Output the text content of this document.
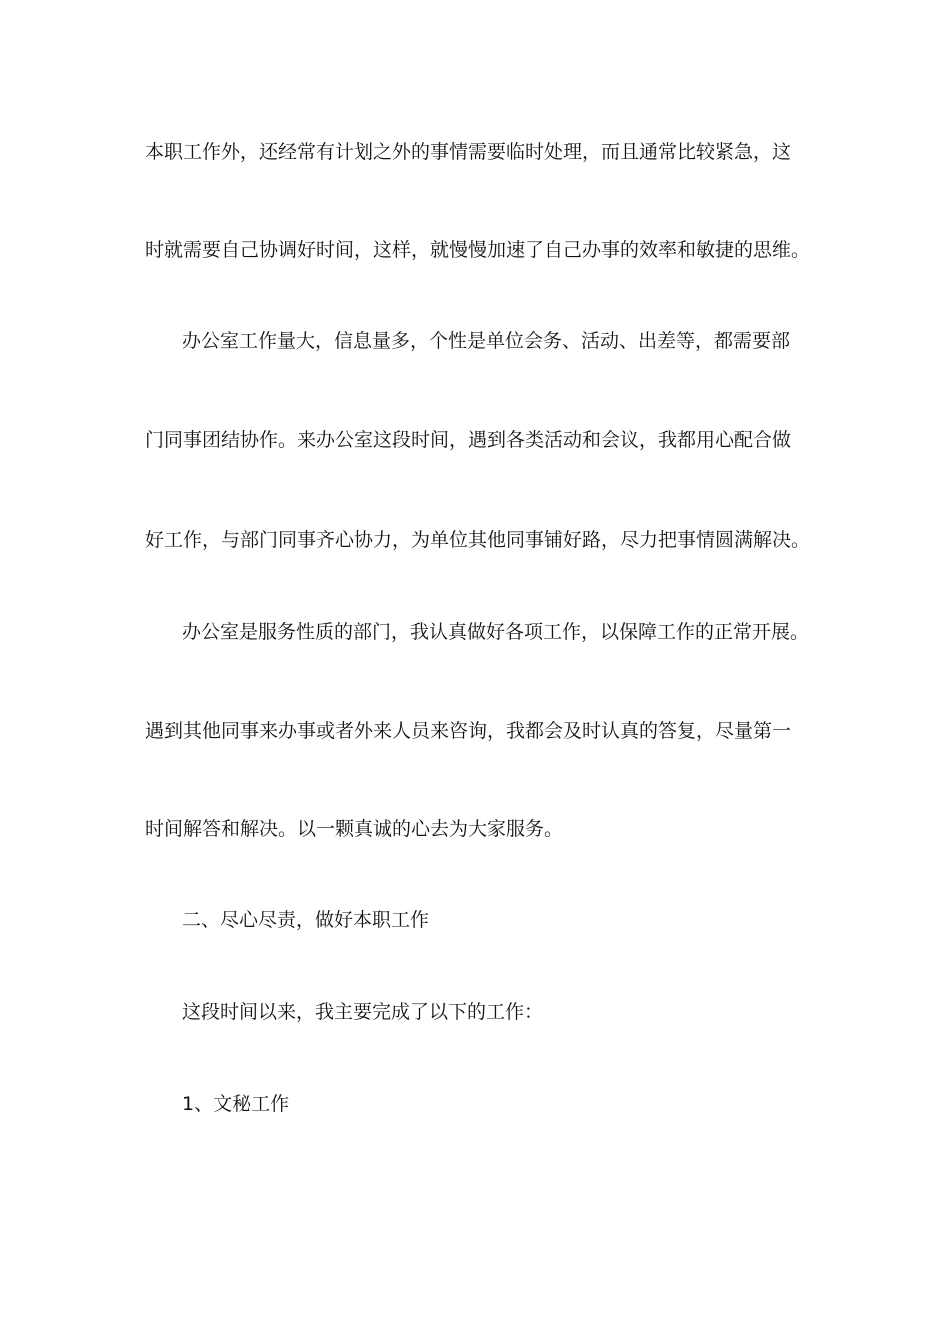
本职工作外，还经常有计划之外的事情需要临时处理，而且通常比较紧急，这
时就需要自己协调好时间，这样，就慢慢加速了自己办事的效率和敏捷的思维。
办公室工作量大，信息量多，个性是单位会务、活动、出差等，都需要部
门同事团结协作。来办公室这段时间，遇到各类活动和会议，我都用心配合做
好工作，与部门同事齐心协力，为单位其他同事铺好路，尽力把事情圆满解决。
办公室是服务性质的部门，我认真做好各项工作，以保障工作的正常开展。
遇到其他同事来办事或者外来人员来咨询，我都会及时认真的答复，尽量第一
时间解答和解决。以一颗真诚的心去为大家服务。
二、尽心尽责，做好本职工作
这段时间以来，我主要完成了以下的工作：
1、文秘工作
